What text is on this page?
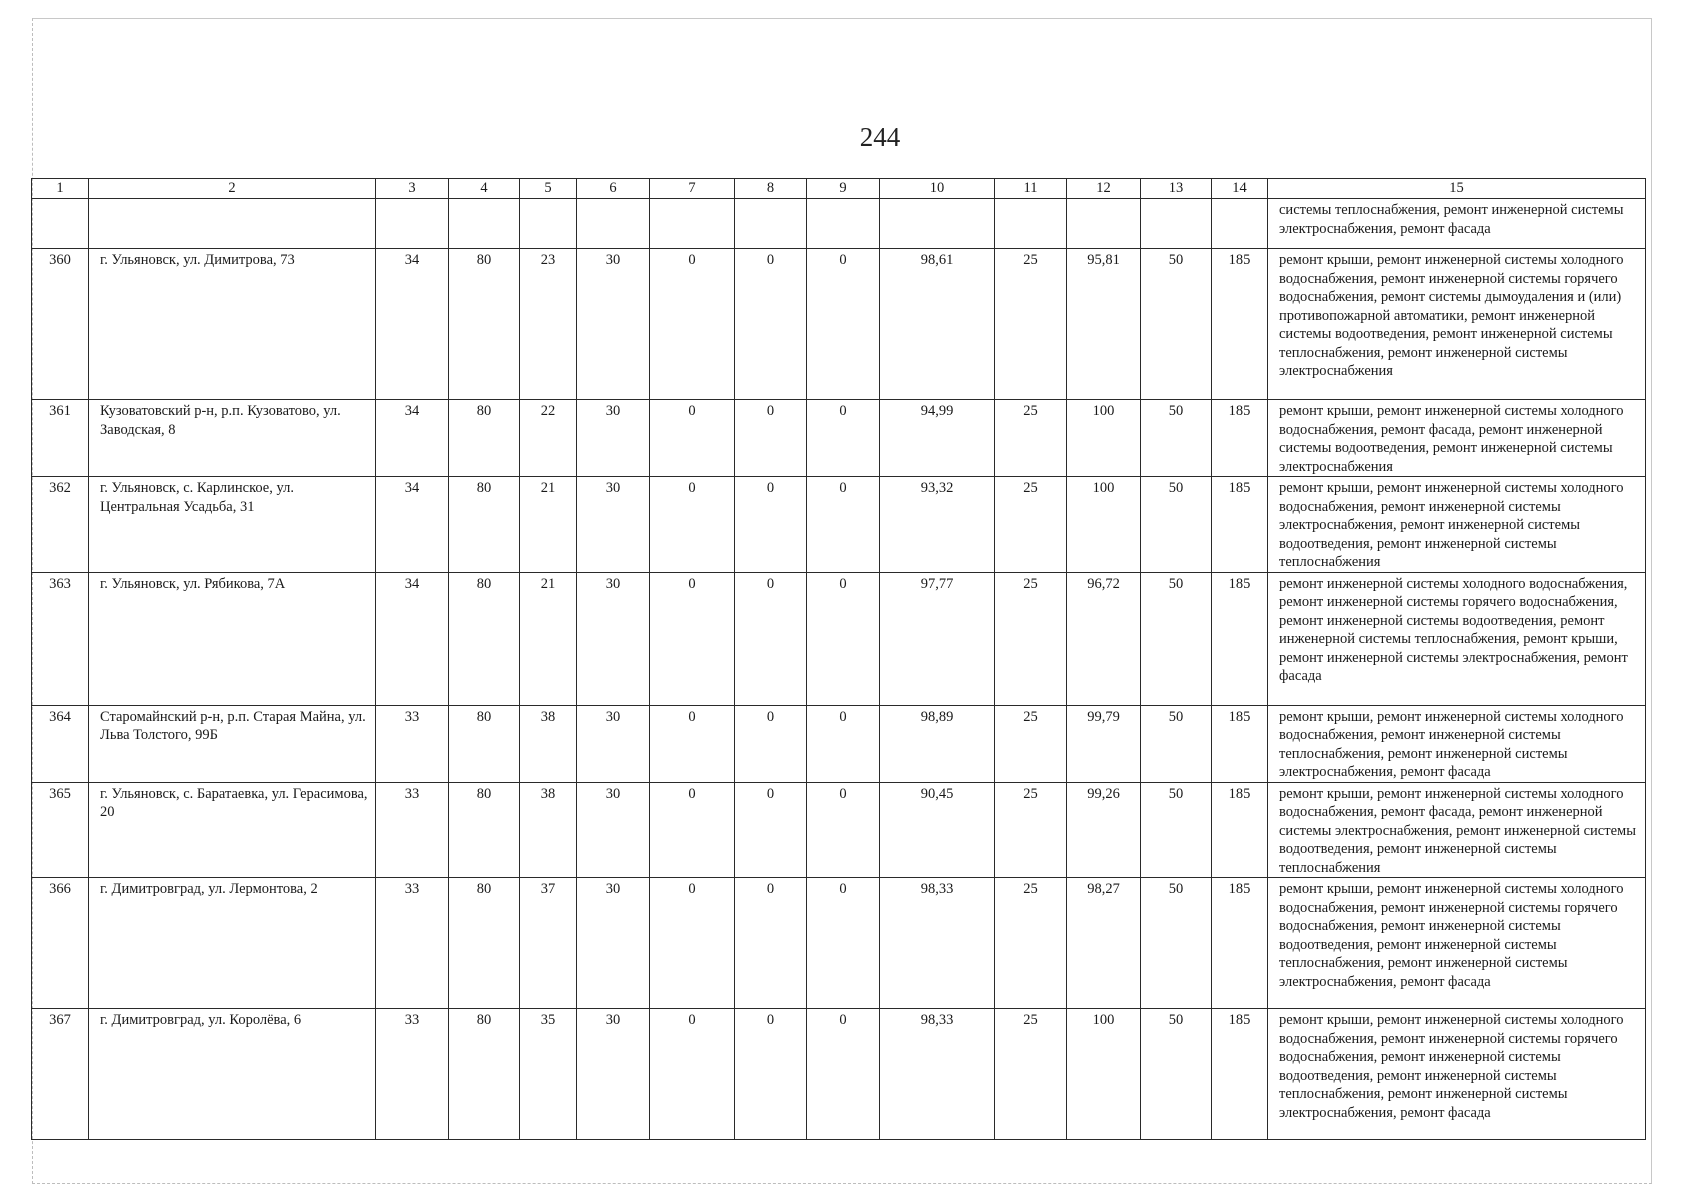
244
1	2	3	4	5	6	7	8	9	10	11	12	13	14	15
														системы теплоснабжения, ремонт инженерной системы электроснабжения, ремонт фасада
360	г. Ульяновск, ул. Димитрова, 73	34	80	23	30	0	0	0	98,61	25	95,81	50	185	ремонт крыши, ремонт инженерной системы холодного водоснабжения, ремонт инженерной системы горячего водоснабжения, ремонт системы дымоудаления и (или) противопожарной автоматики, ремонт инженерной системы водоотведения, ремонт инженерной системы теплоснабжения, ремонт инженерной системы электроснабжения
361	Кузоватовский р-н, р.п. Кузоватово, ул. Заводская, 8	34	80	22	30	0	0	0	94,99	25	100	50	185	ремонт крыши, ремонт инженерной системы холодного водоснабжения, ремонт фасада, ремонт инженерной системы водоотведения, ремонт инженерной системы электроснабжения
362	г. Ульяновск, с. Карлинское, ул. Центральная Усадьба, 31	34	80	21	30	0	0	0	93,32	25	100	50	185	ремонт крыши, ремонт инженерной системы холодного водоснабжения, ремонт инженерной системы электроснабжения, ремонт инженерной системы водоотведения, ремонт инженерной системы теплоснабжения
363	г. Ульяновск, ул. Рябикова, 7А	34	80	21	30	0	0	0	97,77	25	96,72	50	185	ремонт инженерной системы холодного водоснабжения, ремонт инженерной системы горячего водоснабжения, ремонт инженерной системы водоотведения, ремонт инженерной системы теплоснабжения, ремонт крыши, ремонт инженерной системы электроснабжения, ремонт фасада
364	Старомайнский р-н, р.п. Старая Майна, ул. Льва Толстого, 99Б	33	80	38	30	0	0	0	98,89	25	99,79	50	185	ремонт крыши, ремонт инженерной системы холодного водоснабжения, ремонт инженерной системы теплоснабжения, ремонт инженерной системы электроснабжения, ремонт фасада
365	г. Ульяновск, с. Баратаевка, ул. Герасимова, 20	33	80	38	30	0	0	0	90,45	25	99,26	50	185	ремонт крыши, ремонт инженерной системы холодного водоснабжения, ремонт фасада, ремонт инженерной системы электроснабжения, ремонт инженерной системы водоотведения, ремонт инженерной системы теплоснабжения
366	г. Димитровград, ул. Лермонтова, 2	33	80	37	30	0	0	0	98,33	25	98,27	50	185	ремонт крыши, ремонт инженерной системы холодного водоснабжения, ремонт инженерной системы горячего водоснабжения, ремонт инженерной системы водоотведения, ремонт инженерной системы теплоснабжения, ремонт инженерной системы электроснабжения, ремонт фасада
367	г. Димитровград, ул. Королёва, 6	33	80	35	30	0	0	0	98,33	25	100	50	185	ремонт крыши, ремонт инженерной системы холодного водоснабжения, ремонт инженерной системы горячего водоснабжения, ремонт инженерной системы водоотведения, ремонт инженерной системы теплоснабжения, ремонт инженерной системы электроснабжения, ремонт фасада
